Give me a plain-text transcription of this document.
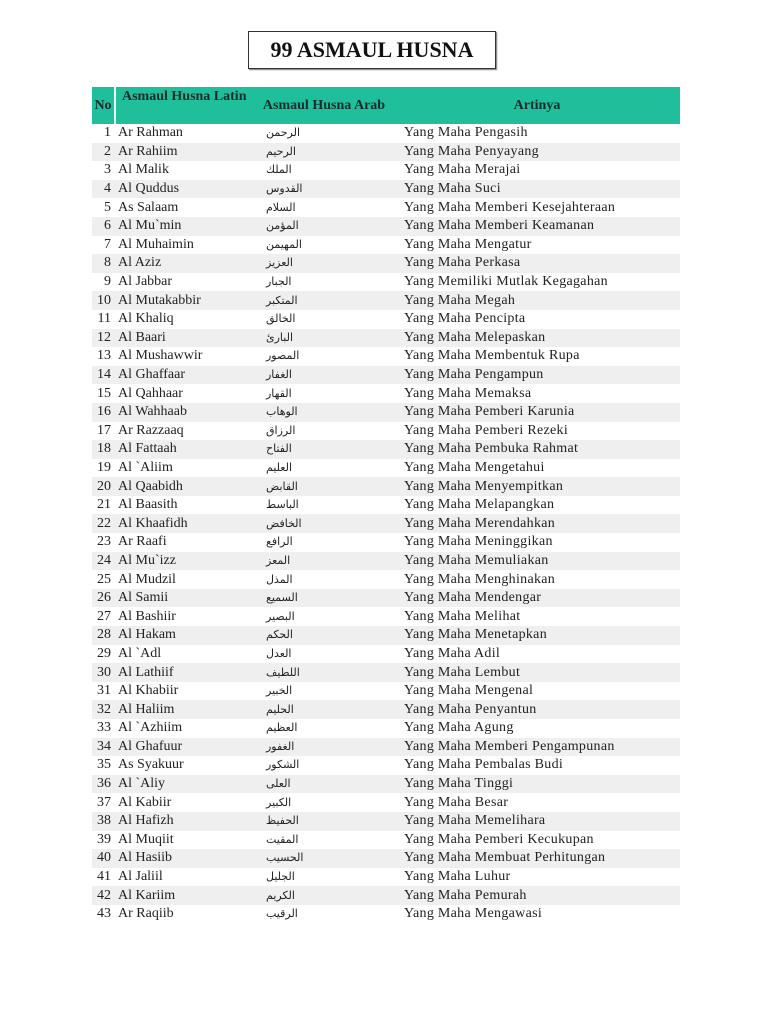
99 ASMAUL HUSNA
No	Asmaul Husna Latin	Asmaul Husna Arab	Artinya
1	Ar Rahman	الرحمن	Yang Maha Pengasih
2	Ar Rahiim	الرحيم	Yang Maha Penyayang
3	Al Malik	الملك	Yang Maha Merajai
4	Al Quddus	القدوس	Yang Maha Suci
5	As Salaam	السلام	Yang Maha Memberi Kesejahteraan
6	Al Mu`min	المؤمن	Yang Maha Memberi Keamanan
7	Al Muhaimin	المهيمن	Yang Maha Mengatur
8	Al Aziz	العزيز	Yang Maha Perkasa
9	Al Jabbar	الجبار	Yang Memiliki Mutlak Kegagahan
10	Al Mutakabbir	المتكبر	Yang Maha Megah
11	Al Khaliq	الخالق	Yang Maha Pencipta
12	Al Baari	البارئ	Yang Maha Melepaskan
13	Al Mushawwir	المصور	Yang Maha Membentuk Rupa
14	Al Ghaffaar	الغفار	Yang Maha Pengampun
15	Al Qahhaar	القهار	Yang Maha Memaksa
16	Al Wahhaab	الوهاب	Yang Maha Pemberi Karunia
17	Ar Razzaaq	الرزاق	Yang Maha Pemberi Rezeki
18	Al Fattaah	الفتاح	Yang Maha Pembuka Rahmat
19	Al `Aliim	العليم	Yang Maha Mengetahui
20	Al Qaabidh	القابض	Yang Maha Menyempitkan
21	Al Baasith	الباسط	Yang Maha Melapangkan
22	Al Khaafidh	الخافض	Yang Maha Merendahkan
23	Ar Raafi	الرافع	Yang Maha Meninggikan
24	Al Mu`izz	المعز	Yang Maha Memuliakan
25	Al Mudzil	المذل	Yang Maha Menghinakan
26	Al Samii	السميع	Yang Maha Mendengar
27	Al Bashiir	البصير	Yang Maha Melihat
28	Al Hakam	الحكم	Yang Maha Menetapkan
29	Al `Adl	العدل	Yang Maha Adil
30	Al Lathiif	اللطيف	Yang Maha Lembut
31	Al Khabiir	الخبير	Yang Maha Mengenal
32	Al Haliim	الحليم	Yang Maha Penyantun
33	Al `Azhiim	العظيم	Yang Maha Agung
34	Al Ghafuur	الغفور	Yang Maha Memberi Pengampunan
35	As Syakuur	الشكور	Yang Maha Pembalas Budi
36	Al `Aliy	العلى	Yang Maha Tinggi
37	Al Kabiir	الكبير	Yang Maha Besar
38	Al Hafizh	الحفيظ	Yang Maha Memelihara
39	Al Muqiit	المقيت	Yang Maha Pemberi Kecukupan
40	Al Hasiib	الحسيب	Yang Maha Membuat Perhitungan
41	Al Jaliil	الجليل	Yang Maha Luhur
42	Al Kariim	الكريم	Yang Maha Pemurah
43	Ar Raqiib	الرقيب	Yang Maha Mengawasi
